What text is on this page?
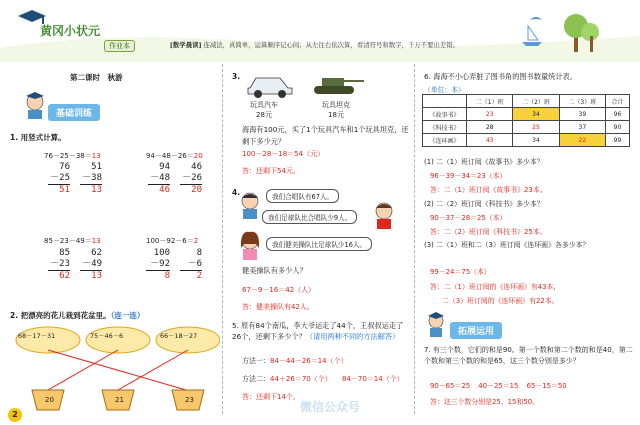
黄冈小状元
作业本	[数学晨读] 连减法，真简单，运算顺序记心间；从左往右依次算，看清符号和数字，千万不要出差错。
第二课时　秋游
基础训练
1. 用竖式计算。
76－25－38＝13
76
－25
51
51
－38
13
94－48－26＝20
94
－48
46
46
－26
20
85－23－49＝13
85
－23
62
62
－49
13
100－92－6＝2
100
－92
8
8
－6
2
2. 把漂亮的花儿栽到花盆里。（连一连）
68－17－31	75－46－6	66－18－27
20	21	23
2
3.
玩具汽车
28元
玩具坦克
18元
海海有100元，买了1个玩具汽车和1个玩具坦克，还剩下多少元？
100－28－18＝54（元）
答：还剩下54元。
4.	我们合唱队有67人。
我们足球队比合唱队少9人。
我们健美操队比足球队少16人。
健美操队有多少人？
67－9－16＝42（人）
答：健美操队有42人。
5. 原有84个南瓜，李大爷运走了44个，王叔叔运走了26个，还剩下多少个？（请用两种不同的方法解答）
方法一：84－44－26＝14（个）
方法二：44＋26＝70（个） 84－70＝14（个）
答：还剩下14个。
6. 海海不小心弄脏了图书角的图书数量统计表。
（单位：本）
	二（1）班	二（2）班	二（3）班	合计
《故事书》	23	34	39	96
《科技书》	28	25	37	90
《连环画》	43	34	22	99
(1) 二（1）班订阅《故事书》多少本？
96－39－34＝23（本）
答：二（1）班订阅《故事书》23本。
(2) 二（2）班订阅《科技书》多少本？
90－37－28＝25（本）
答：二（2）班订阅《科技书》25本。
(3) 二（1）班和二（3）班订阅《连环画》各多少本？
99－24＝75（本）
答：二（1）班订阅的《连环画》有43本，
二（3）班订阅的《连环画》有22本。
拓展运用
7. 有三个数，它们的和是90。第一个数和第二个数的和是40，第二个数和第三个数的和是65，这三个数分别是多少？
90－65＝25 40－25＝15 65－15＝50
答：这三个数分别是25、15和50。
微信公众号
